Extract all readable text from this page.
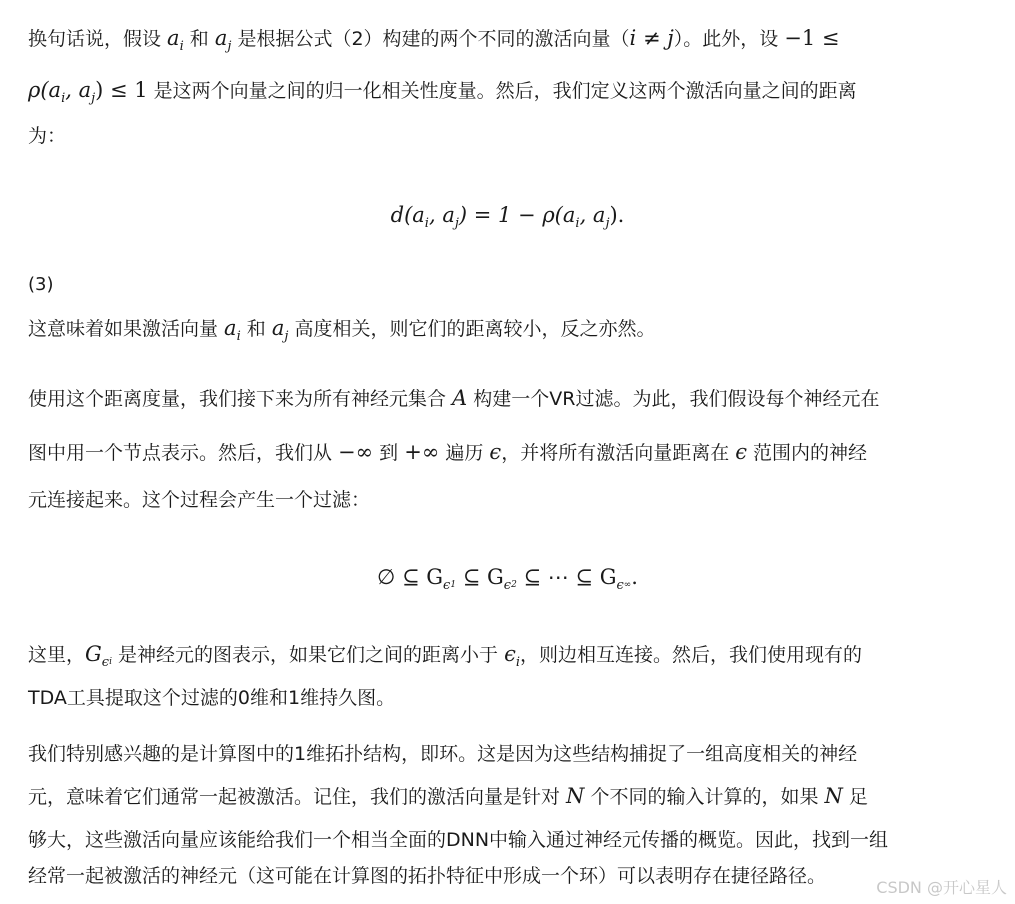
换句话说，假设 $a_i$ 和 $a_j$ 是根据公式（2）构建的两个不同的激活向量（i ≠ j）。此外，设 −1 ≤
$\rho(a_i$, $a_j) \le 1$ 是这两个向量之间的归一化相关性度量。然后，我们定义这两个激活向量之间的距离
为：
$d(a_i$, $a_j) = 1 - \rho(a_i$, $a_j$).
(3)
这意味着如果激活向量 $a_i$ 和 $a_j$ 高度相关，则它们的距离较小，反之亦然。
使用这个距离度量，我们接下来为所有神经元集合 A 构建一个VR过滤。为此，我们假设每个神经元在
图中用一个节点表示。然后，我们从 −∞ 到 +∞ 遍历 ϵ，并将所有激活向量距离在 ϵ 范围内的神经
元连接起来。这个过程会产生一个过滤：
∅ ⊆ $G_\epsilon 1$ ⊆ $G_\epsilon 2$ ⊆ ⋯ ⊆ $G_\epsilon\infty$.
这里，$G_\epsilon i$ 是神经元的图表示，如果它们之间的距离小于 $\epsilon_i$，则边相互连接。然后，我们使用现有的
TDA工具提取这个过滤的0维和1维持久图。
我们特别感兴趣的是计算图中的1维拓扑结构，即环。这是因为这些结构捕捉了一组高度相关的神经
元，意味着它们通常一起被激活。记住，我们的激活向量是针对 N 个不同的输入计算的，如果 N 足
够大，这些激活向量应该能给我们一个相当全面的DNN中输入通过神经元传播的概览。因此，找到一组
经常一起被激活的神经元（这可能在计算图的拓扑特征中形成一个环）可以表明存在捷径路径。
CSDN @开心星人
